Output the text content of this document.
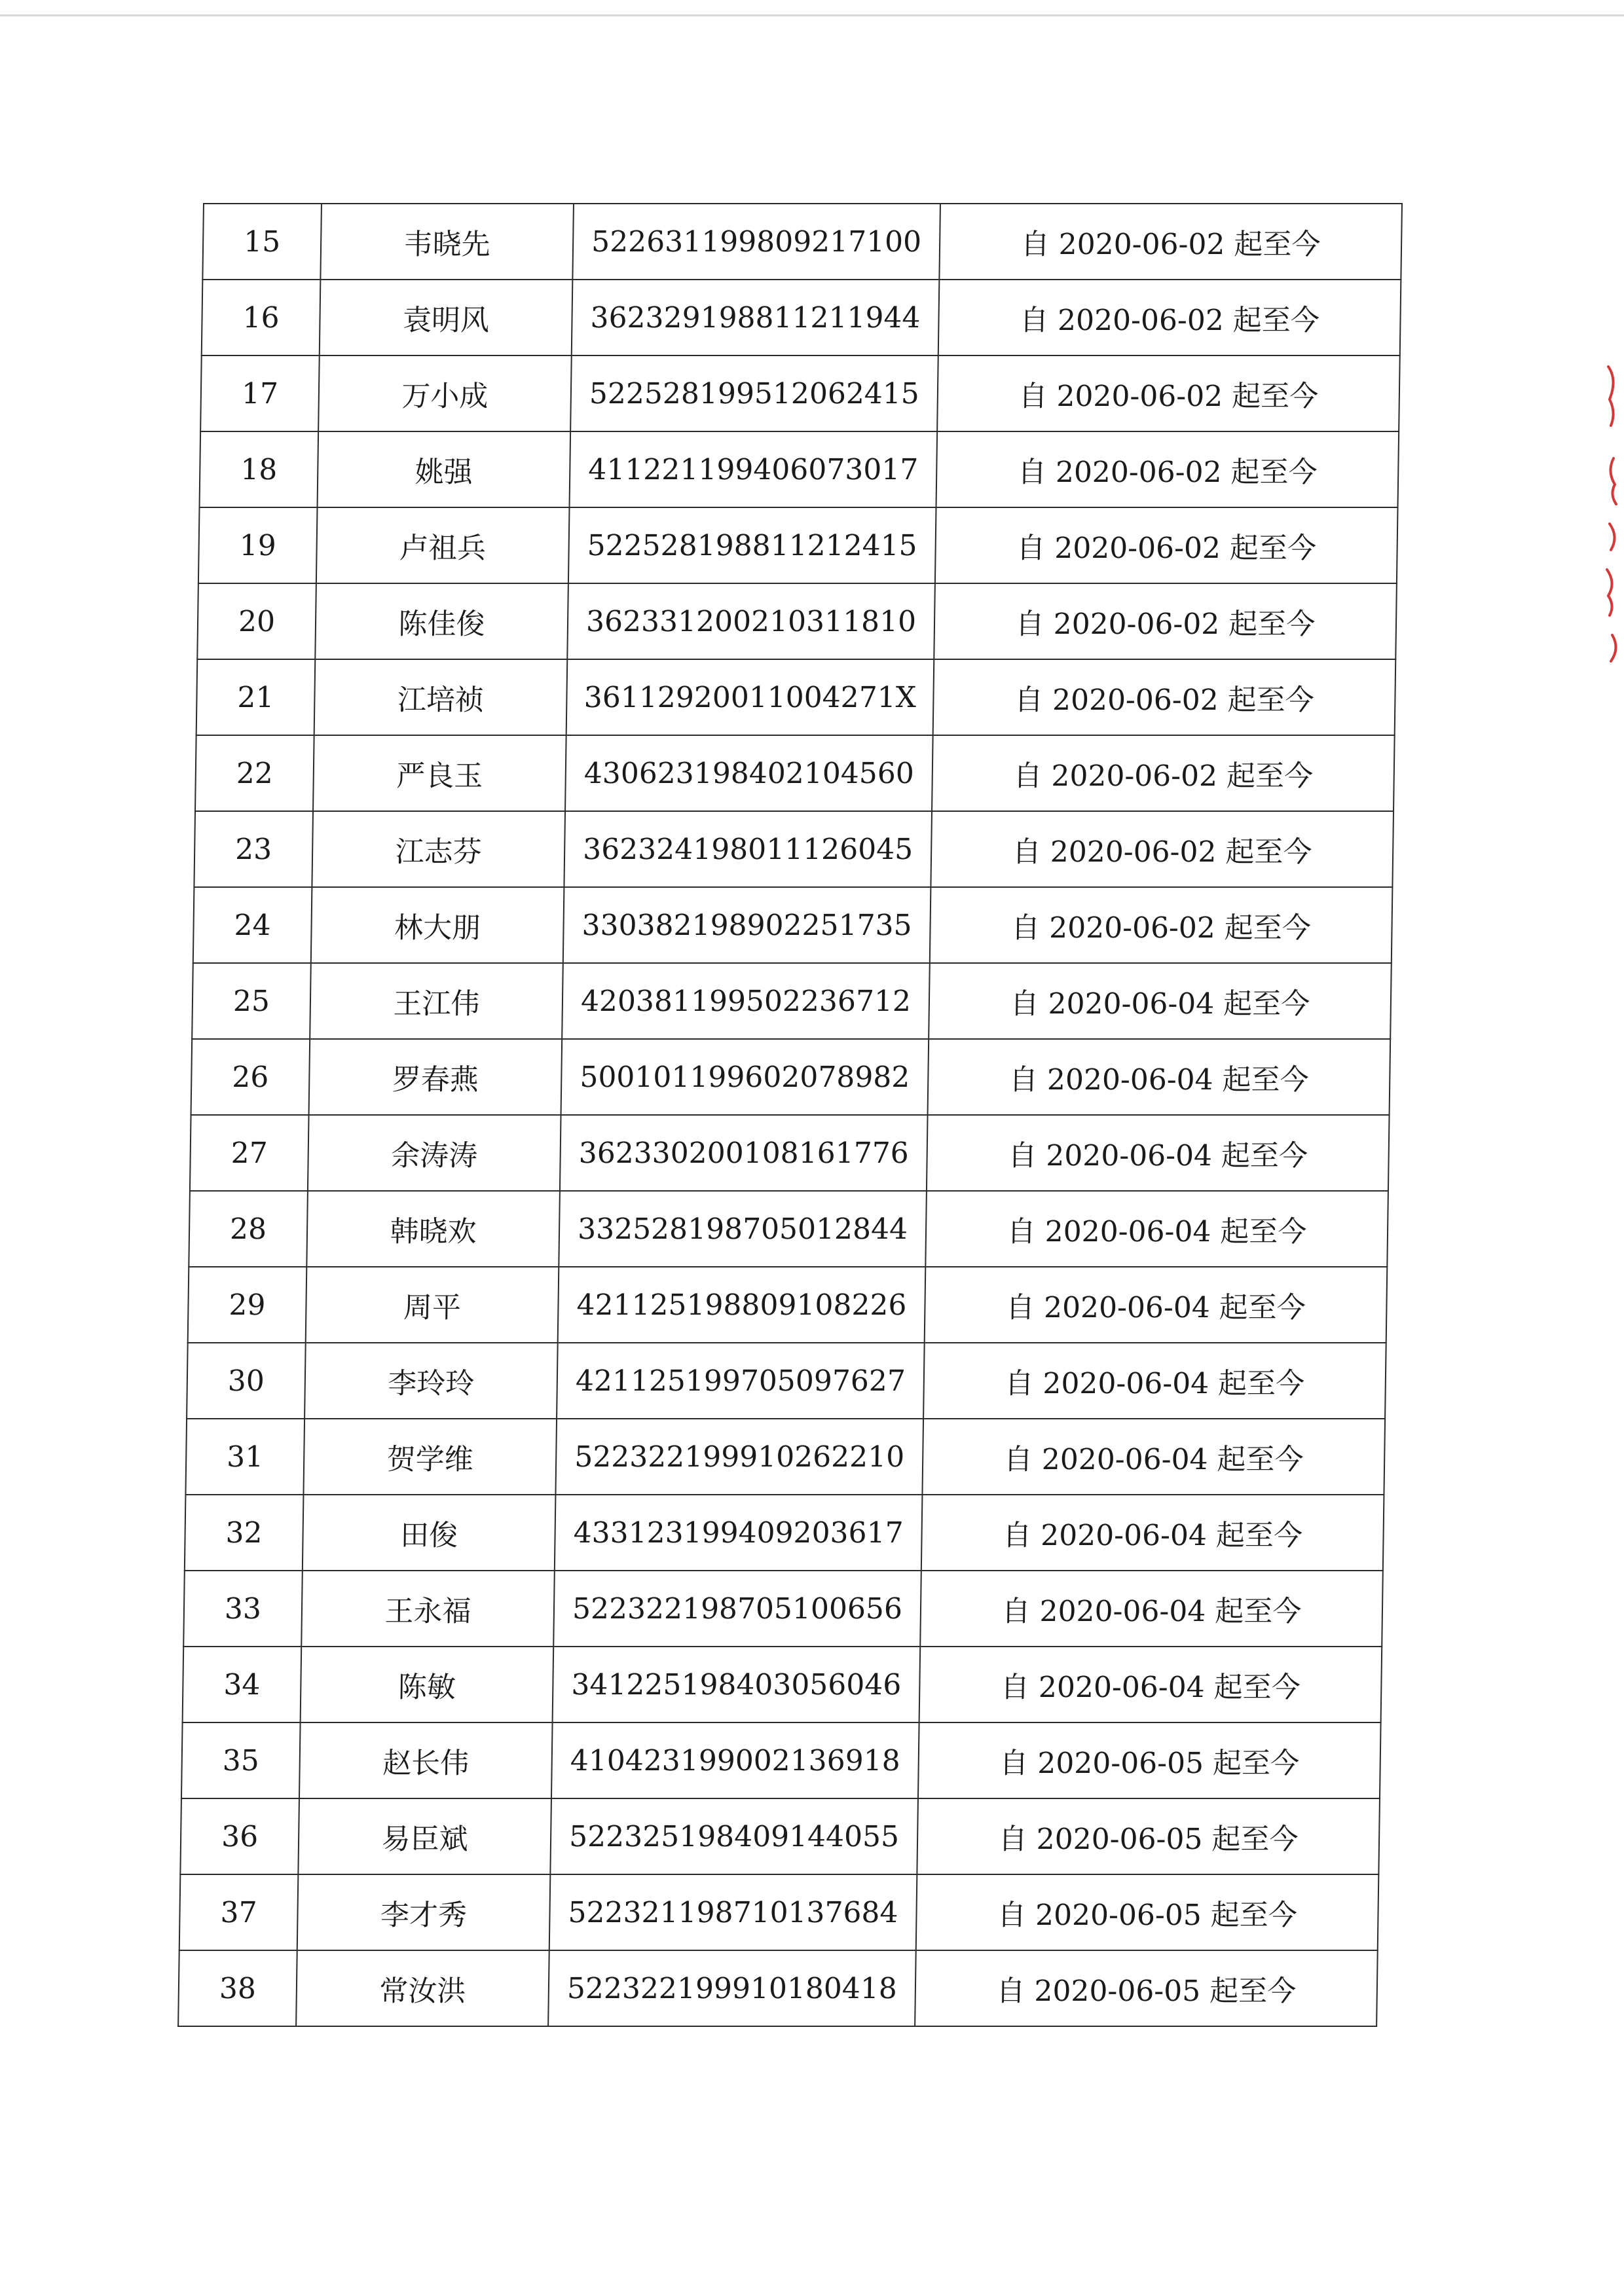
15	韦晓先	522631199809217100	自 2020-06-02 起至今
16	袁明风	362329198811211944	自 2020-06-02 起至今
17	万小成	522528199512062415	自 2020-06-02 起至今
18	姚强	411221199406073017	自 2020-06-02 起至今
19	卢祖兵	522528198811212415	自 2020-06-02 起至今
20	陈佳俊	362331200210311810	自 2020-06-02 起至今
21	江培祯	36112920011004271X	自 2020-06-02 起至今
22	严良玉	430623198402104560	自 2020-06-02 起至今
23	江志芬	362324198011126045	自 2020-06-02 起至今
24	林大朋	330382198902251735	自 2020-06-02 起至今
25	王江伟	420381199502236712	自 2020-06-04 起至今
26	罗春燕	500101199602078982	自 2020-06-04 起至今
27	余涛涛	362330200108161776	自 2020-06-04 起至今
28	韩晓欢	332528198705012844	自 2020-06-04 起至今
29	周平	421125198809108226	自 2020-06-04 起至今
30	李玲玲	421125199705097627	自 2020-06-04 起至今
31	贺学维	522322199910262210	自 2020-06-04 起至今
32	田俊	433123199409203617	自 2020-06-04 起至今
33	王永福	522322198705100656	自 2020-06-04 起至今
34	陈敏	341225198403056046	自 2020-06-04 起至今
35	赵长伟	410423199002136918	自 2020-06-05 起至今
36	易臣斌	522325198409144055	自 2020-06-05 起至今
37	李才秀	522321198710137684	自 2020-06-05 起至今
38	常汝洪	522322199910180418	自 2020-06-05 起至今
